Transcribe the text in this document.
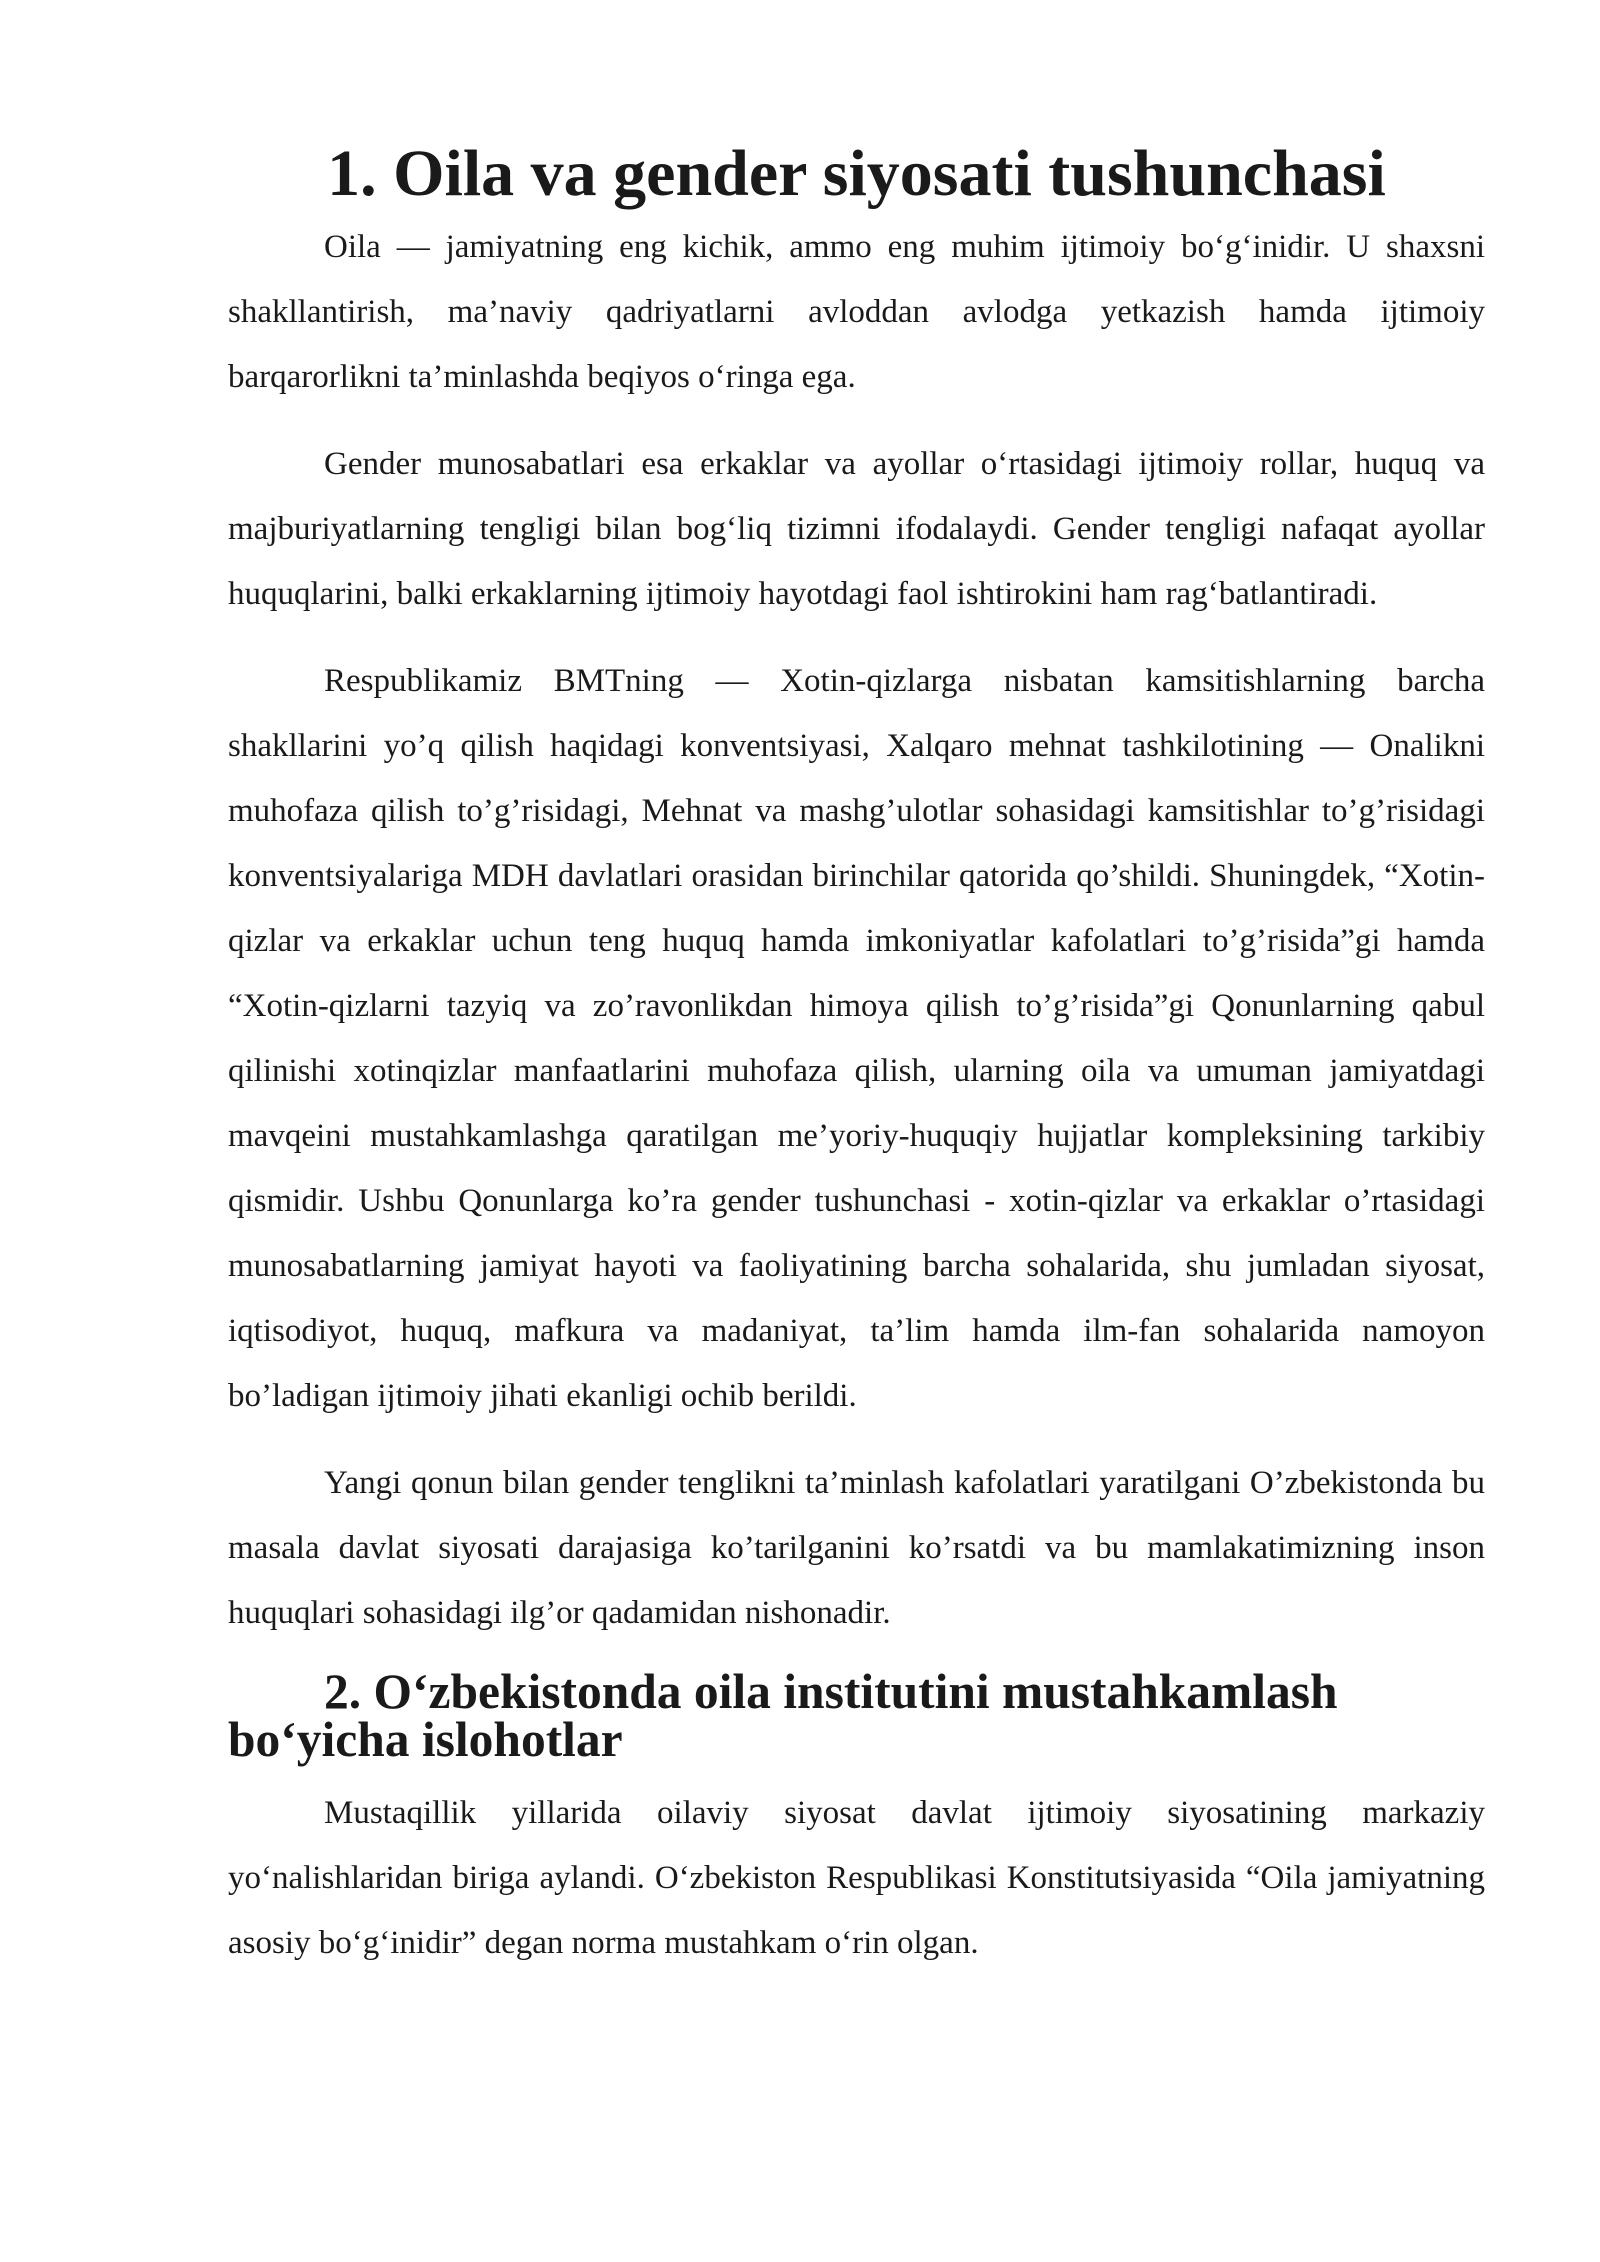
1. Oila va gender siyosati tushunchasi

Oila — jamiyatning eng kichik, ammo eng muhim ijtimoiy bo‘g‘inidir. U shaxsni shakllantirish, ma’naviy qadriyatlarni avloddan avlodga yetkazish hamda ijtimoiy barqarorlikni ta’minlashda beqiyos o‘ringa ega.

Gender munosabatlari esa erkaklar va ayollar o‘rtasidagi ijtimoiy rollar, huquq va majburiyatlarning tengligi bilan bog‘liq tizimni ifodalaydi. Gender tengligi nafaqat ayollar huquqlarini, balki erkaklarning ijtimoiy hayotdagi faol ishtirokini ham rag‘batlantiradi.

Respublikamiz BMTning — Xotin-qizlarga nisbatan kamsitishlarning barcha shakllarini yo’q qilish haqidagi konventsiyasi, Xalqaro mehnat tashkilotining — Onalikni muhofaza qilish to’g’risidagi, Mehnat va mashg’ulotlar sohasidagi kamsitishlar to’g’risidagi konventsiyalariga MDH davlatlari orasidan birinchilar qatorida qo’shildi. Shuningdek, “Xotin-qizlar va erkaklar uchun teng huquq hamda imkoniyatlar kafolatlari to’g’risida”gi hamda “Xotin-qizlarni tazyiq va zo’ravonlikdan himoya qilish to’g’risida”gi Qonunlarning qabul qilinishi xotinqizlar manfaatlarini muhofaza qilish, ularning oila va umuman jamiyatdagi mavqeini mustahkamlashga qaratilgan me’yoriy-huquqiy hujjatlar kompleksining tarkibiy qismidir. Ushbu Qonunlarga ko’ra gender tushunchasi - xotin-qizlar va erkaklar o’rtasidagi munosabatlarning jamiyat hayoti va faoliyatining barcha sohalarida, shu jumladan siyosat, iqtisodiyot, huquq, mafkura va madaniyat, ta’lim hamda ilm-fan sohalarida namoyon bo’ladigan ijtimoiy jihati ekanligi ochib berildi.

Yangi qonun bilan gender tenglikni ta’minlash kafolatlari yaratilgani O’zbekistonda bu masala davlat siyosati darajasiga ko’tarilganini ko’rsatdi va bu mamlakatimizning inson huquqlari sohasidagi ilg’or qadamidan nishonadir.

2. O‘zbekistonda oila institutini mustahkamlash bo‘yicha islohotlar

Mustaqillik yillarida oilaviy siyosat davlat ijtimoiy siyosatining markaziy yo‘nalishlaridan biriga aylandi. O‘zbekiston Respublikasi Konstitutsiyasida “Oila jamiyatning asosiy bo‘g‘inidir” degan norma mustahkam o‘rin olgan.
